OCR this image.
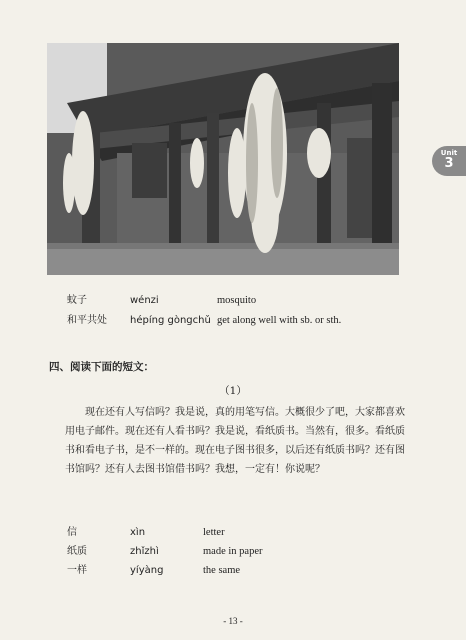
Unit
3
蚊子	wénzi	mosquito
和平共处 hépíng gòngchǔ get along well with sb. or sth.
四、阅读下面的短文：
（1）

现在还有人写信吗？我是说，真的用笔写信。大概很少了吧，大家都喜欢用电子邮件。现在还有人看书吗？我是说，看纸质书。当然有，很多。看纸质书和看电子书，是不一样的。现在电子图书很多，以后还有纸质书吗？还有图书馆吗？还有人去图书馆借书吗？我想，一定有！你说呢？

信	xìn	letter
纸质	zhǐzhì	made in paper
一样	yíyàng	the same
- 13 -
